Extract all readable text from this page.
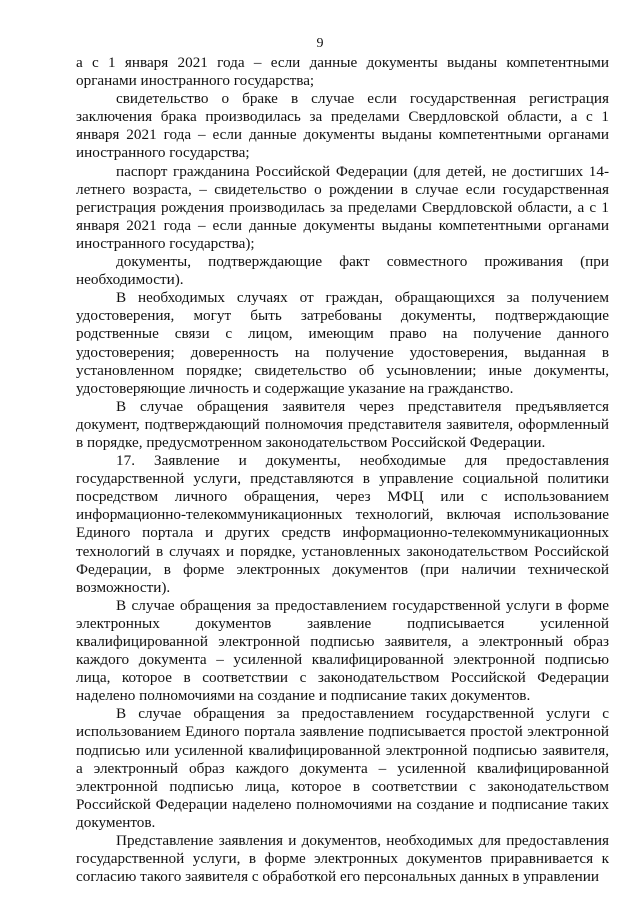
9

а с 1 января 2021 года – если данные документы выданы компетентными органами иностранного государства;

свидетельство о браке в случае если государственная регистрация заключения брака производилась за пределами Свердловской области, а с 1 января 2021 года – если данные документы выданы компетентными органами иностранного государства;

паспорт гражданина Российской Федерации (для детей, не достигших 14-летнего возраста, – свидетельство о рождении в случае если государственная регистрация рождения производилась за пределами Свердловской области, а с 1 января 2021 года – если данные документы выданы компетентными органами иностранного государства);

документы, подтверждающие факт совместного проживания (при необходимости).

В необходимых случаях от граждан, обращающихся за получением удостоверения, могут быть затребованы документы, подтверждающие родственные связи с лицом, имеющим право на получение данного удостоверения; доверенность на получение удостоверения, выданная в установленном порядке; свидетельство об усыновлении; иные документы, удостоверяющие личность и содержащие указание на гражданство.

В случае обращения заявителя через представителя предъявляется документ, подтверждающий полномочия представителя заявителя, оформленный в порядке, предусмотренном законодательством Российской Федерации.

17. Заявление и документы, необходимые для предоставления государственной услуги, представляются в управление социальной политики посредством личного обращения, через МФЦ или с использованием информационно-телекоммуникационных технологий, включая использование Единого портала и других средств информационно-телекоммуникационных технологий в случаях и порядке, установленных законодательством Российской Федерации, в форме электронных документов (при наличии технической возможности).

В случае обращения за предоставлением государственной услуги в форме электронных документов заявление подписывается усиленной квалифицированной электронной подписью заявителя, а электронный образ каждого документа – усиленной квалифицированной электронной подписью лица, которое в соответствии с законодательством Российской Федерации наделено полномочиями на создание и подписание таких документов.

В случае обращения за предоставлением государственной услуги с использованием Единого портала заявление подписывается простой электронной подписью или усиленной квалифицированной электронной подписью заявителя, а электронный образ каждого документа – усиленной квалифицированной электронной подписью лица, которое в соответствии с законодательством Российской Федерации наделено полномочиями на создание и подписание таких документов.

Представление заявления и документов, необходимых для предоставления государственной услуги, в форме электронных документов приравнивается к согласию такого заявителя с обработкой его персональных данных в управлении
